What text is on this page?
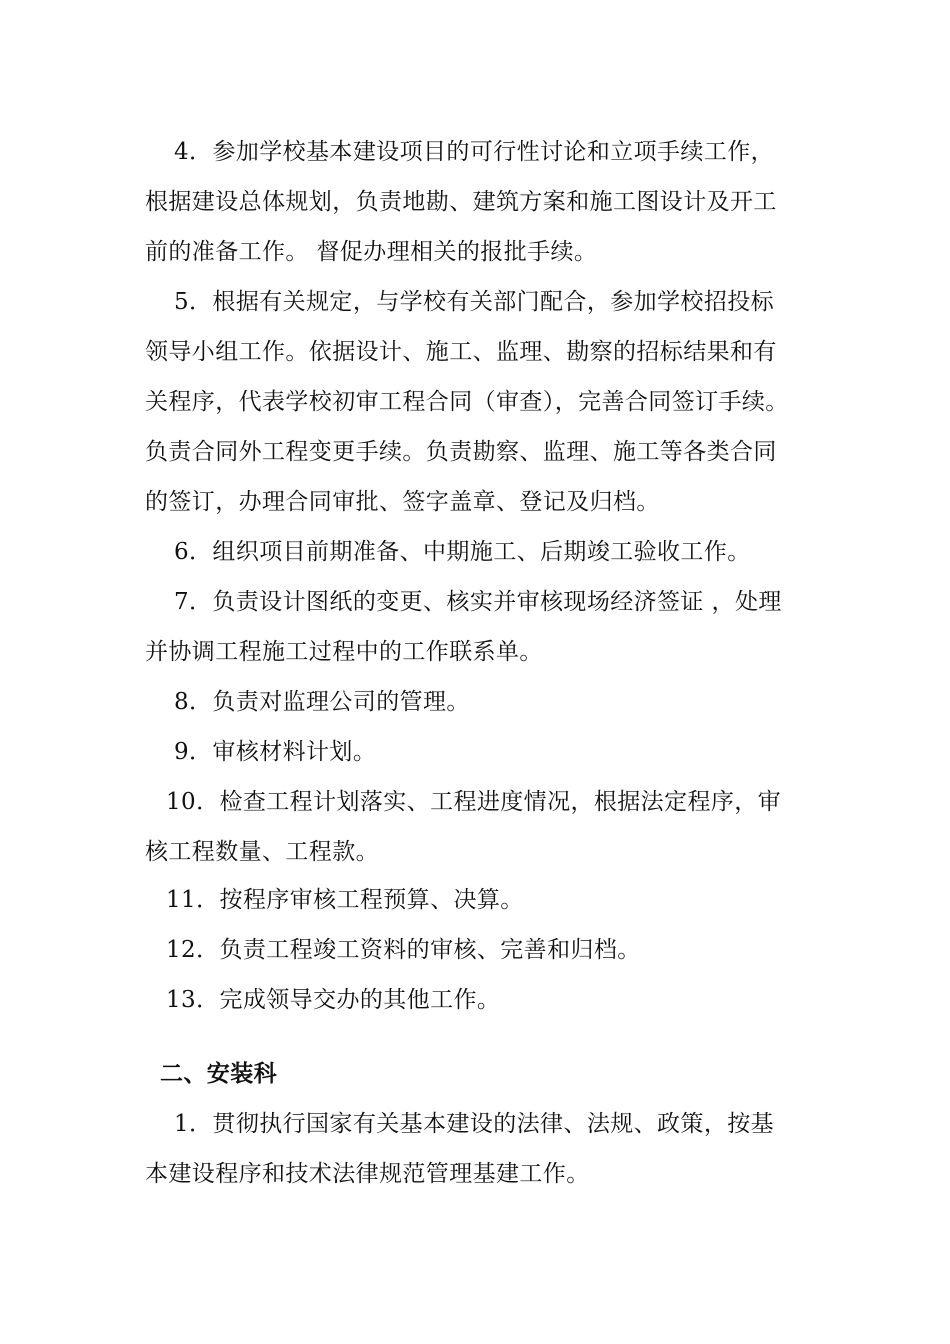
4．参加学校基本建设项目的可行性讨论和立项手续工作，
根据建设总体规划，负责地勘、建筑方案和施工图设计及开工
前的准备工作。 督促办理相关的报批手续。
5．根据有关规定，与学校有关部门配合，参加学校招投标
领导小组工作。依据设计、施工、监理、勘察的招标结果和有
关程序，代表学校初审工程合同（审查），完善合同签订手续。
负责合同外工程变更手续。负责勘察、监理、施工等各类合同
的签订，办理合同审批、签字盖章、登记及归档。
6．组织项目前期准备、中期施工、后期竣工验收工作。
7．负责设计图纸的变更、核实并审核现场经济签证 ，处理
并协调工程施工过程中的工作联系单。
8．负责对监理公司的管理。
9．审核材料计划。
10．检查工程计划落实、工程进度情况，根据法定程序，审
核工程数量、工程款。
11．按程序审核工程预算、决算。
12．负责工程竣工资料的审核、完善和归档。
13．完成领导交办的其他工作。
二、安装科
1．贯彻执行国家有关基本建设的法律、法规、政策，按基
本建设程序和技术法律规范管理基建工作。
